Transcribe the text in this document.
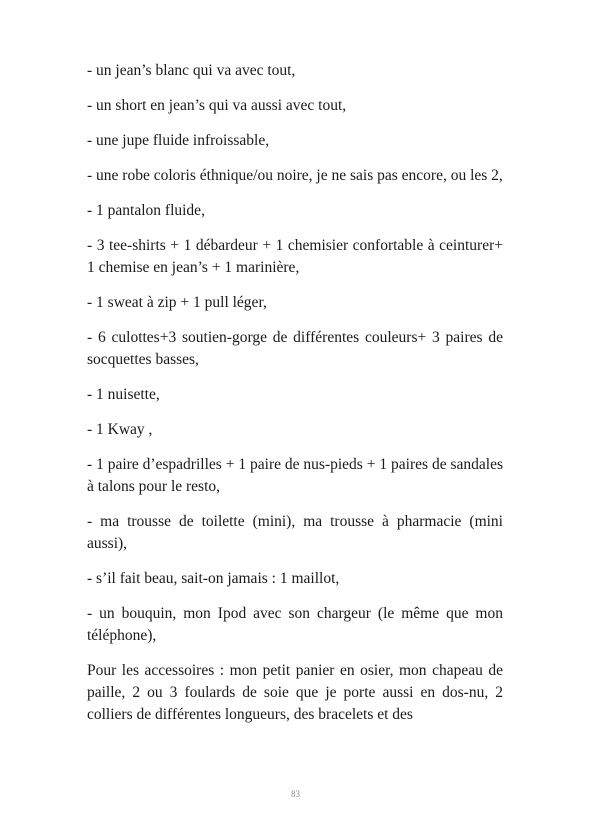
- un jean’s blanc qui va avec tout,

- un short en jean’s qui va aussi avec tout,

- une jupe fluide infroissable,

- une robe coloris éthnique/ou noire, je ne sais pas encore, ou les 2,

- 1 pantalon fluide,

- 3 tee-shirts + 1 débardeur + 1 chemisier confortable à ceinturer+ 1 chemise en jean’s + 1 marinière,

- 1 sweat à zip + 1 pull léger,

- 6 culottes+3 soutien-gorge de différentes couleurs+ 3 paires de socquettes basses,

- 1 nuisette,

- 1 Kway ,

- 1 paire d’espadrilles + 1 paire de nus-pieds + 1 paires de sandales à talons pour le resto,

- ma trousse de toilette (mini), ma trousse à pharmacie (mini aussi),

- s’il fait beau, sait-on jamais : 1 maillot,

- un bouquin, mon Ipod avec son chargeur (le même que mon téléphone),

Pour les accessoires : mon petit panier en osier, mon chapeau de paille, 2 ou 3 foulards de soie que je porte aussi en dos-nu, 2 colliers de différentes longueurs, des bracelets et des

83
